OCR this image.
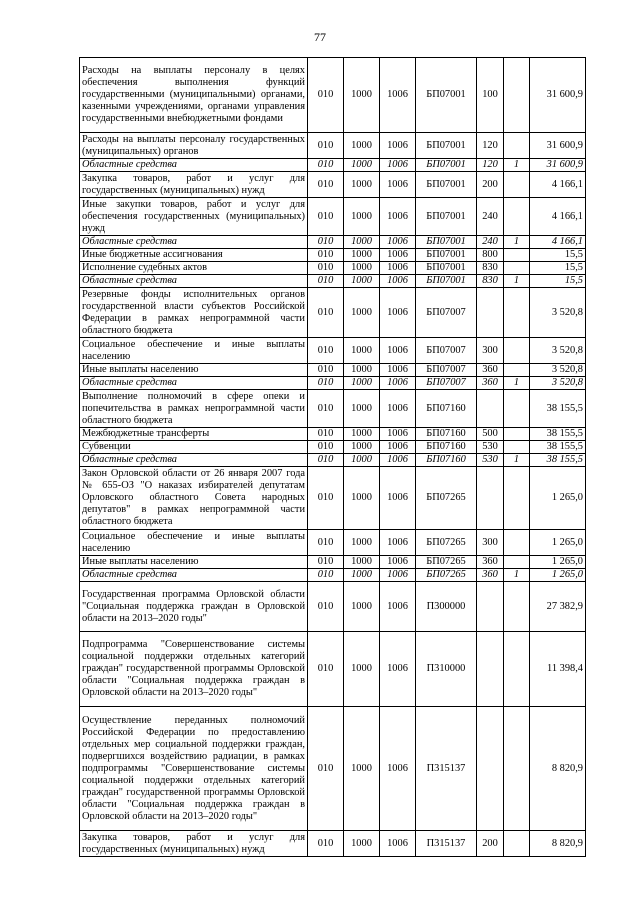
77
Расходы на выплаты персоналу в целях обеспечения выполнения функций государственными (муниципальными) органами, казенными учреждениями, органами управления государственными внебюджетными фондами	010	1000	1006	БП07001	100		31 600,9
Расходы на выплаты персоналу государственных (муниципальных) органов	010	1000	1006	БП07001	120		31 600,9
Областные средства	010	1000	1006	БП07001	120	1	31 600,9
Закупка товаров, работ и услуг для государственных (муниципальных) нужд	010	1000	1006	БП07001	200		4 166,1
Иные закупки товаров, работ и услуг для обеспечения государственных (муниципальных) нужд	010	1000	1006	БП07001	240		4 166,1
Областные средства	010	1000	1006	БП07001	240	1	4 166,1
Иные бюджетные ассигнования	010	1000	1006	БП07001	800		15,5
Исполнение судебных актов	010	1000	1006	БП07001	830		15,5
Областные средства	010	1000	1006	БП07001	830	1	15,5
Резервные фонды исполнительных органов государственной власти субъектов Российской Федерации в рамках непрограммной части областного бюджета	010	1000	1006	БП07007			3 520,8
Социальное обеспечение и иные выплаты населению	010	1000	1006	БП07007	300		3 520,8
Иные выплаты населению	010	1000	1006	БП07007	360		3 520,8
Областные средства	010	1000	1006	БП07007	360	1	3 520,8
Выполнение полномочий в сфере опеки и попечительства в рамках непрограммной части областного бюджета	010	1000	1006	БП07160			38 155,5
Межбюджетные трансферты	010	1000	1006	БП07160	500		38 155,5
Субвенции	010	1000	1006	БП07160	530		38 155,5
Областные средства	010	1000	1006	БП07160	530	1	38 155,5
Закон Орловской области от 26 января 2007 года № 655-ОЗ "О наказах избирателей депутатам Орловского областного Совета народных депутатов" в рамках непрограммной части областного бюджета	010	1000	1006	БП07265			1 265,0
Социальное обеспечение и иные выплаты населению	010	1000	1006	БП07265	300		1 265,0
Иные выплаты населению	010	1000	1006	БП07265	360		1 265,0
Областные средства	010	1000	1006	БП07265	360	1	1 265,0
Государственная программа Орловской области "Социальная поддержка граждан в Орловской области на 2013–2020 годы"	010	1000	1006	П300000			27 382,9
Подпрограмма "Совершенствование системы социальной поддержки отдельных категорий граждан" государственной программы Орловской области "Социальная поддержка граждан в Орловской области на 2013–2020 годы"	010	1000	1006	П310000			11 398,4
Осуществление переданных полномочий Российской Федерации по предоставлению отдельных мер социальной поддержки граждан, подвергшихся воздействию радиации, в рамках подпрограммы "Совершенствование системы социальной поддержки отдельных категорий граждан" государственной программы Орловской области "Социальная поддержка граждан в Орловской области на 2013–2020 годы"	010	1000	1006	П315137			8 820,9
Закупка товаров, работ и услуг для государственных (муниципальных) нужд	010	1000	1006	П315137	200		8 820,9
